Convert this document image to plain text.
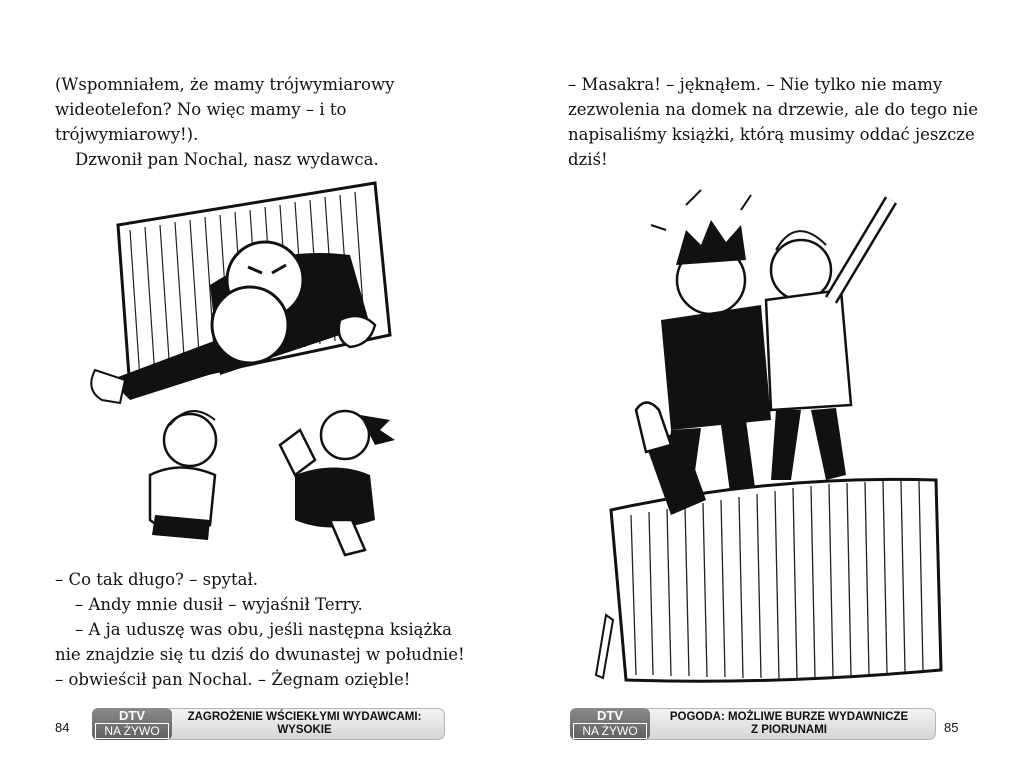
(Wspomniałem, że mamy trójwymiarowy

wideotelefon? No więc mamy – i to

trójwymiarowy!).

Dzwonił pan Nochal, nasz wydawca.

– Co tak długo? – spytał.

– Andy mnie dusił – wyjaśnił Terry.

– A ja uduszę was obu, jeśli następna książka

nie znajdzie się tu dziś do dwunastej w południe!

– obwieścił pan Nochal. – Żegnam ozięble!

84
ZAGROŻENIE WŚCIEKŁYMI WYDAWCAMI:
WYSOKIE
DTV
NA ŻYWO

– Masakra! – jęknąłem. – Nie tylko nie mamy

zezwolenia na domek na drzewie, ale do tego nie

napisaliśmy książki, którą musimy oddać jeszcze

dziś!

85
POGODA: MOŻLIWE BURZE WYDAWNICZE
Z PIORUNAMI
DTV
NA ŻYWO
